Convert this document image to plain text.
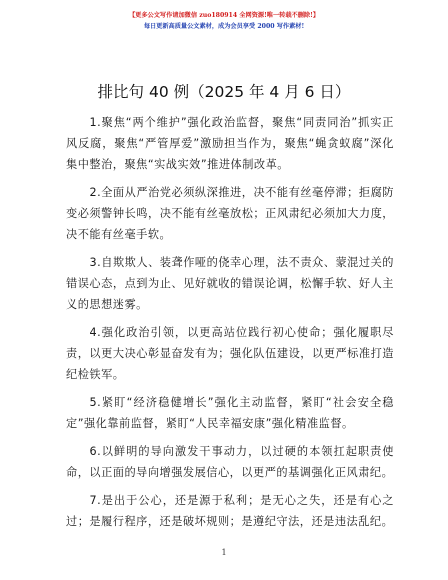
【更多公文写作请加微信 zuo180914 全网资源!唯一转载不删除!】
每日更新高质量公文素材，成为会员享受 2000 写作素材!
排比句 40 例（2025 年 4 月 6 日）

1.聚焦“两个维护”强化政治监督，聚焦“同责同治”抓实正风反腐，聚焦“严管厚爱”激励担当作为，聚焦“蝇贪蚁腐”深化集中整治，聚焦“实战实效”推进体制改革。

2.全面从严治党必须纵深推进，决不能有丝毫停滞；拒腐防变必须警钟长鸣，决不能有丝毫放松；正风肃纪必须加大力度，决不能有丝毫手软。

3.自欺欺人、装聋作哑的侥幸心理，法不责众、蒙混过关的错误心态，点到为止、见好就收的错误论调，松懈手软、好人主义的思想迷雾。

4.强化政治引领，以更高站位践行初心使命；强化履职尽责，以更大决心彰显奋发有为；强化队伍建设，以更严标准打造纪检铁军。

5.紧盯“经济稳健增长”强化主动监督，紧盯“社会安全稳定”强化靠前监督，紧盯“人民幸福安康”强化精准监督。

6.以鲜明的导向激发干事动力，以过硬的本领扛起职责使命，以正面的导向增强发展信心，以更严的基调强化正风肃纪。

7.是出于公心，还是源于私利；是无心之失，还是有心之过；是履行程序，还是破坏规则；是遵纪守法，还是违法乱纪。

1
